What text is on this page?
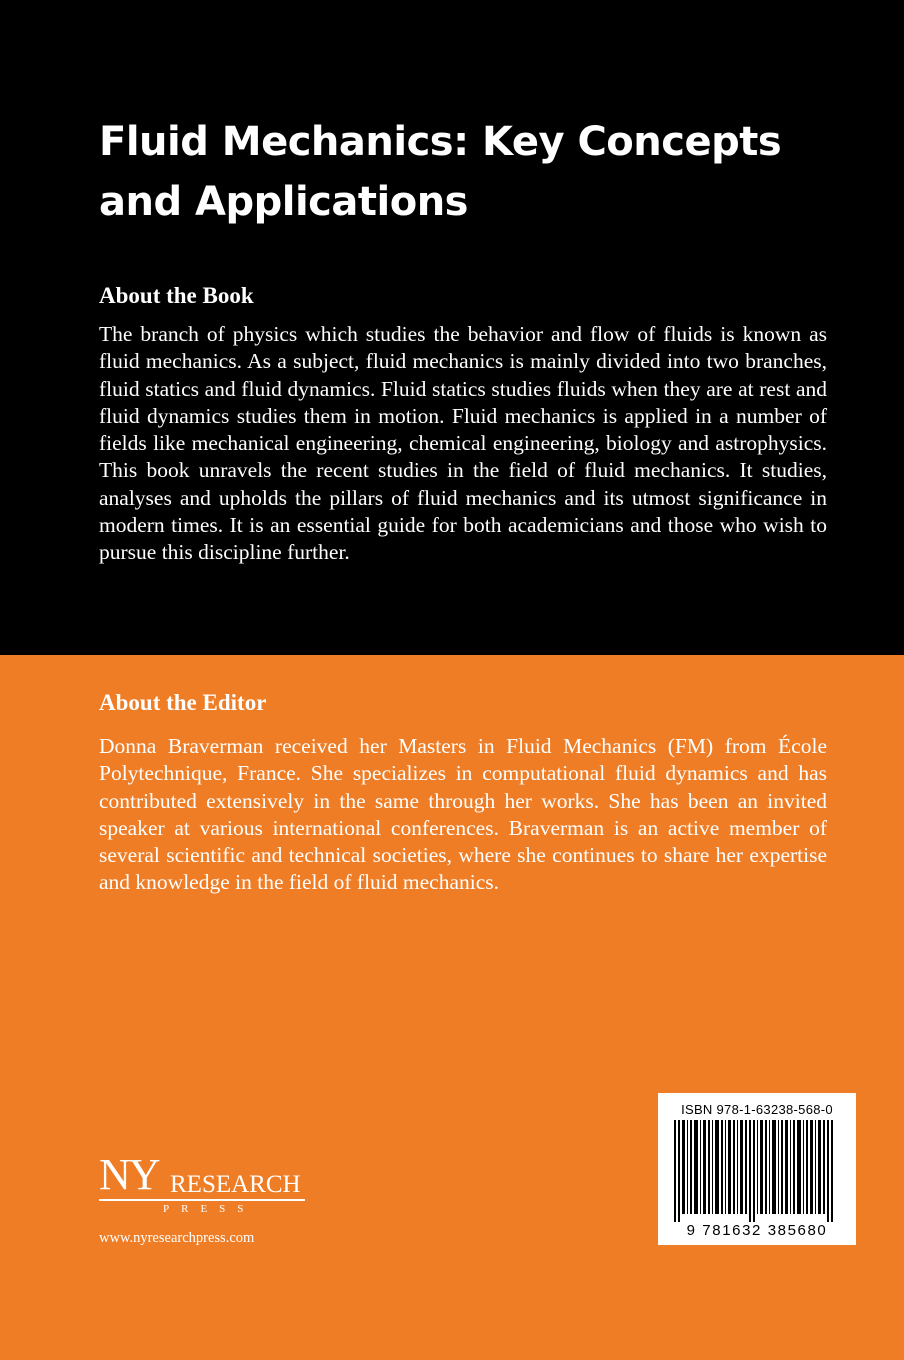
Fluid Mechanics: Key Concepts and Applications
About the Book
The branch of physics which studies the behavior and flow of fluids is known as fluid mechanics. As a subject, fluid mechanics is mainly divided into two branches, fluid statics and fluid dynamics. Fluid statics studies fluids when they are at rest and fluid dynamics studies them in motion. Fluid mechanics is applied in a number of fields like mechanical engineering, chemical engineering, biology and astrophysics. This book unravels the recent studies in the field of fluid mechanics. It studies, analyses and upholds the pillars of fluid mechanics and its utmost significance in modern times. It is an essential guide for both academicians and those who wish to pursue this discipline further.
About the Editor
Donna Braverman received her Masters in Fluid Mechanics (FM) from École Polytechnique, France. She specializes in computational fluid dynamics and has contributed extensively in the same through her works. She has been an invited speaker at various international conferences. Braverman is an active member of several scientific and technical societies, where she continues to share her expertise and knowledge in the field of fluid mechanics.
NY RESEARCH
PRESS
www.nyresearchpress.com
ISBN 978-1-63238-568-0
9 781632 385680
